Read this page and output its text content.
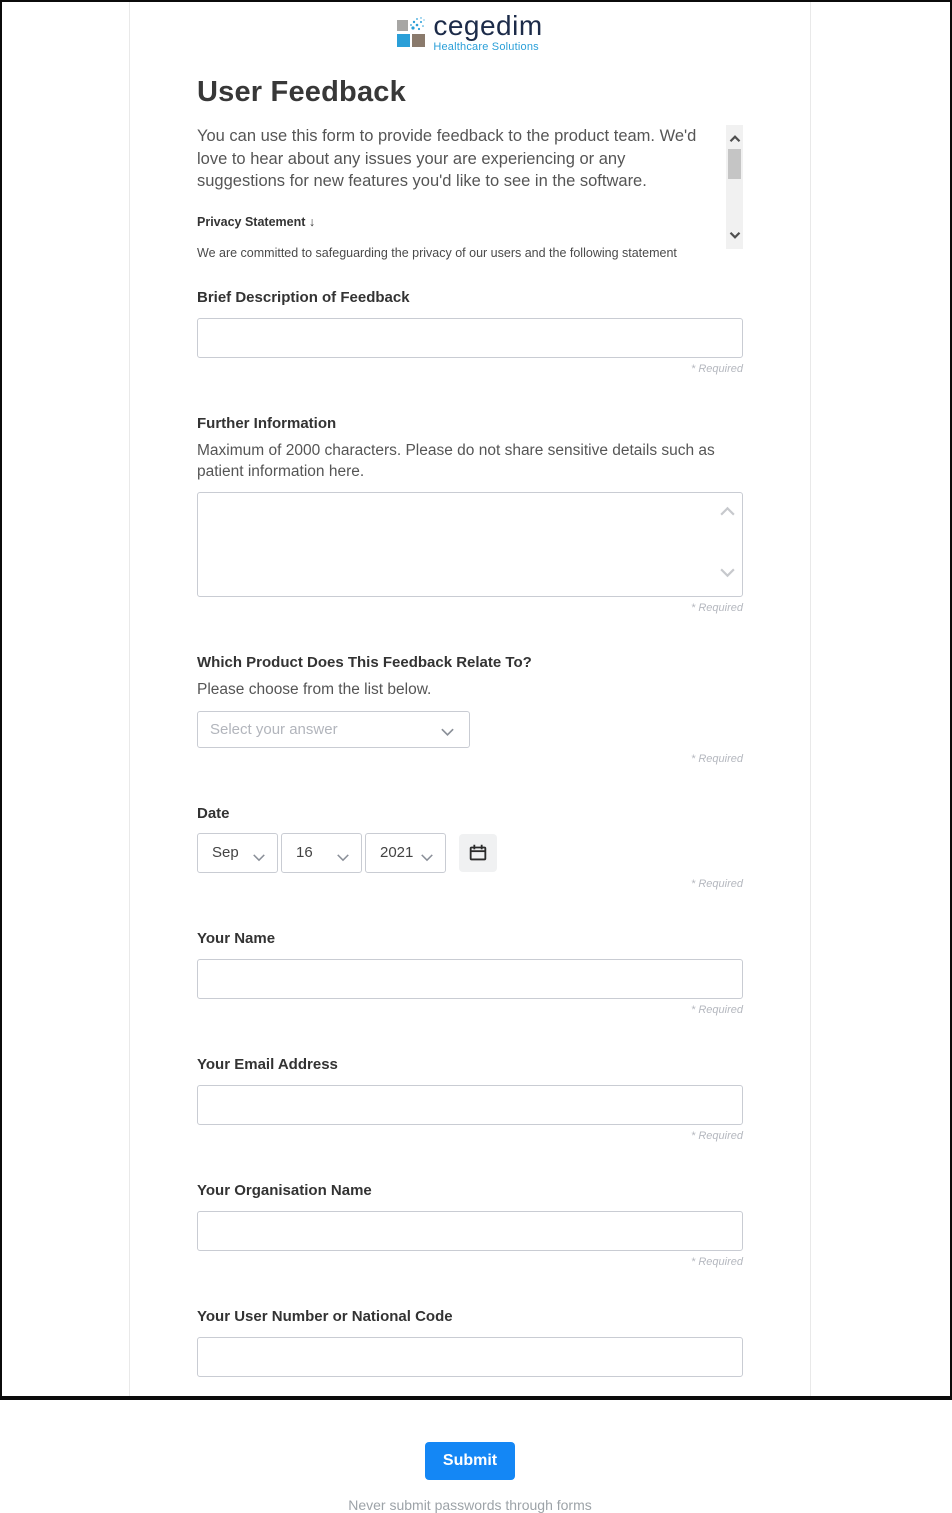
cegedim
Healthcare Solutions
User Feedback

You can use this form to provide feedback to the product team. We'd love to hear about any issues your are experiencing or any suggestions for new features you'd like to see in the software.

Privacy Statement ↓

We are committed to safeguarding the privacy of our users and the following statement

Brief Description of Feedback
* Required
Further Information
Maximum of 2000 characters. Please do not share sensitive details such as patient information here.
* Required
Which Product Does This Feedback Relate To?
Please choose from the list below.
Select your answer
* Required
Date
Sep	16	2021
* Required
Your Name
* Required
Your Email Address
* Required
Your Organisation Name
* Required
Your User Number or National Code
Submit
Never submit passwords through forms
